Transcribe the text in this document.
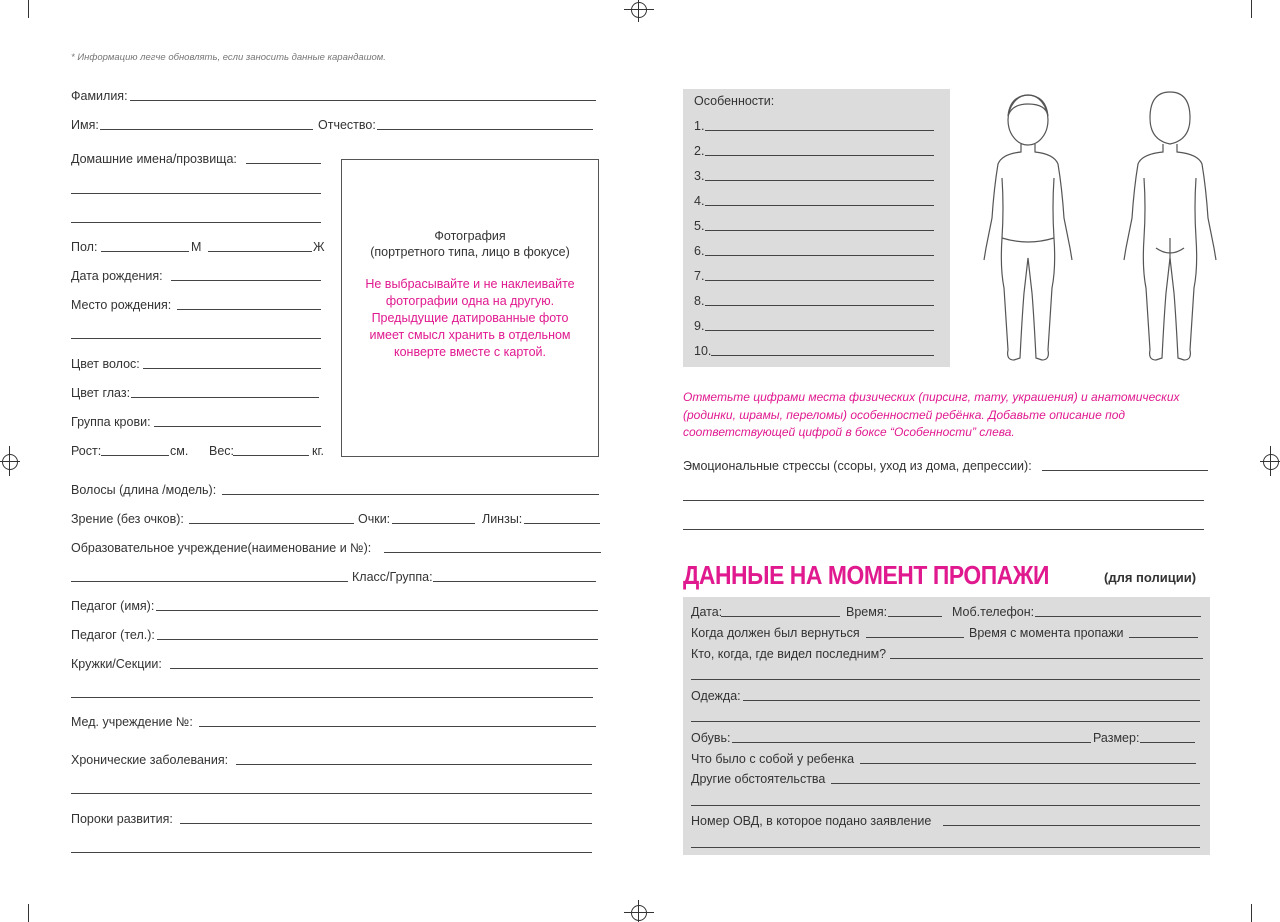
* Информацию легче обновлять, если заносить данные карандашом.
Фамилия:
Имя:	Отчество:
Домашние имена/прозвища:
Пол:	М	Ж
Дата рождения:
Место рождения:
Цвет волос:
Цвет глаз:
Группа крови:
Рост:	см. Вес:	кг.
Волосы (длина /модель):
Зрение (без очков):	Очки:	Линзы:
Образовательное учреждение(наименование и №):
Класс/Группа:
Педагог (имя):
Педагог (тел.):
Кружки/Секции:
Мед. учреждение №:
Хронические заболевания:
Пороки развития:
Фотография
(портретного типа, лицо в фокусе)
Не выбрасывайте и не наклеивайте
фотографии одна на другую.
Предыдущие датированные фото
имеет смысл хранить в отдельном
конверте вместе с картой.
Особенности:
1.
2.
3.
4.
5.
6.
7.
8.
9.
10.
Отметьте цифрами места физических (пирсинг, тату, украшения) и анатомических
(родинки, шрамы, переломы) особенностей ребёнка. Добавьте описание под
соответствующей цифрой в боксе “Особенности” слева.
Эмоциональные стрессы (ссоры, уход из дома, депрессии):
ДАННЫЕ НА МОМЕНТ ПРОПАЖИ	(для полиции)
Дата:	Время:	Моб.телефон:
Когда должен был вернуться	Время с момента пропажи
Кто, когда, где видел последним?
Одежда:
Обувь:	Размер:
Что было с собой у ребенка
Другие обстоятельства
Номер ОВД, в которое подано заявление
